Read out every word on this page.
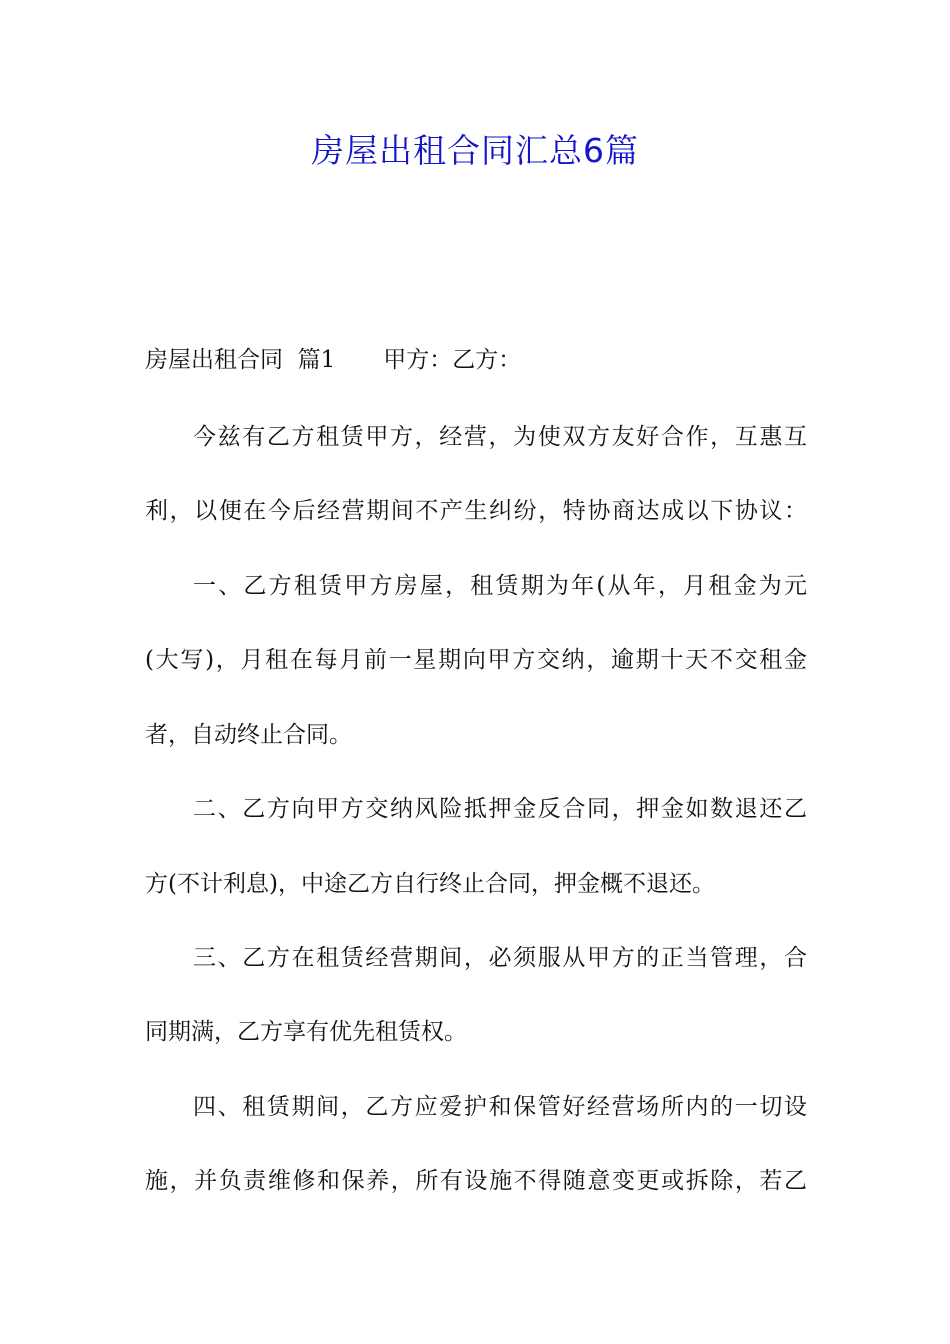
房屋出租合同汇总6篇
房屋出租合同  篇1 甲方：乙方：
今兹有乙方租赁甲方，经营，为使双方友好合作，互惠互
利，以便在今后经营期间不产生纠纷，特协商达成以下协议：
一、乙方租赁甲方房屋，租赁期为年(从年，月租金为元
(大写)，月租在每月前一星期向甲方交纳，逾期十天不交租金
者，自动终止合同。
二、乙方向甲方交纳风险抵押金反合同，押金如数退还乙
方(不计利息)，中途乙方自行终止合同，押金概不退还。
三、乙方在租赁经营期间，必须服从甲方的正当管理，合
同期满，乙方享有优先租赁权。
四、租赁期间，乙方应爱护和保管好经营场所内的一切设
施，并负责维修和保养，所有设施不得随意变更或拆除，若乙
